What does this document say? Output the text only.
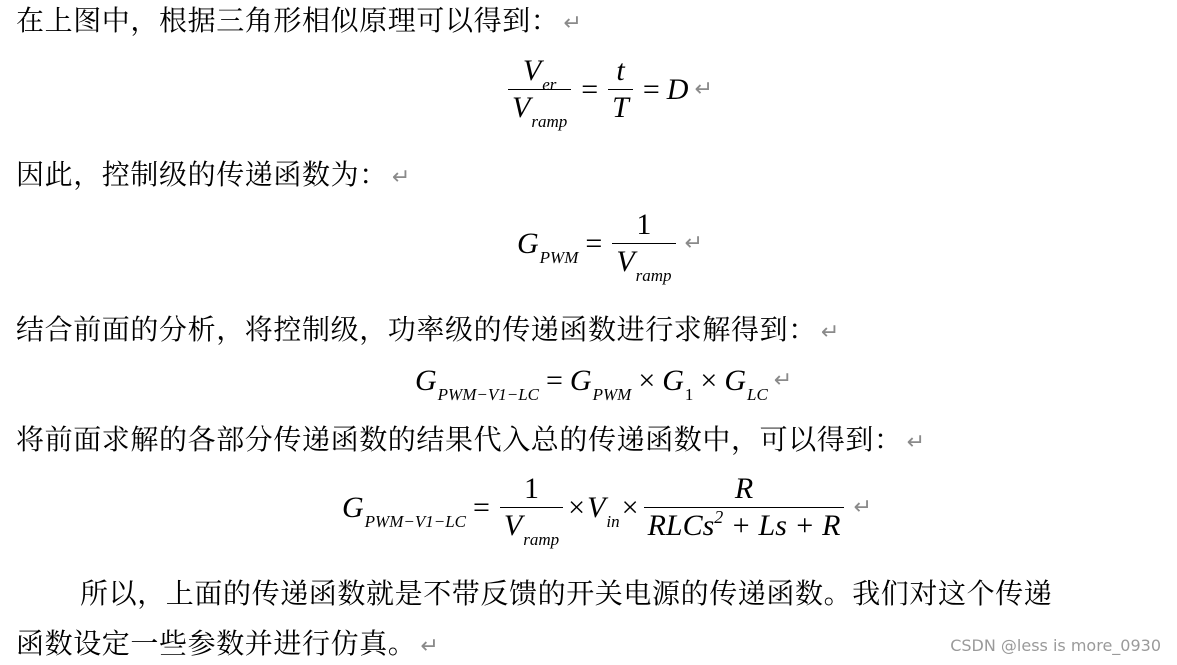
在上图中，根据三角形相似原理可以得到： ↵
$\frac{V_{er}}{V_{ramp}} = \frac{t}{T} = D$ ↵
因此，控制级的传递函数为： ↵
$G_{PWM} = \frac{1}{V_{ramp}}$ ↵
结合前面的分析，将控制级，功率级的传递函数进行求解得到： ↵
$G_{PWM-V1-LC} = G_{PWM} \times G_1 \times G_{LC}$
↵
将前面求解的各部分传递函数的结果代入总的传递函数中，可以得到： ↵
$G_{PWM-V1-LC} = \frac{1}{V_{ramp}} \times V_{in} \times \frac{R}{RLCs^2 + Ls + R}$ ↵
所以，上面的传递函数就是不带反馈的开关电源的传递函数。我们对这个传递
函数设定一些参数并进行仿真。 ↵	CSDN @less is more_0930
